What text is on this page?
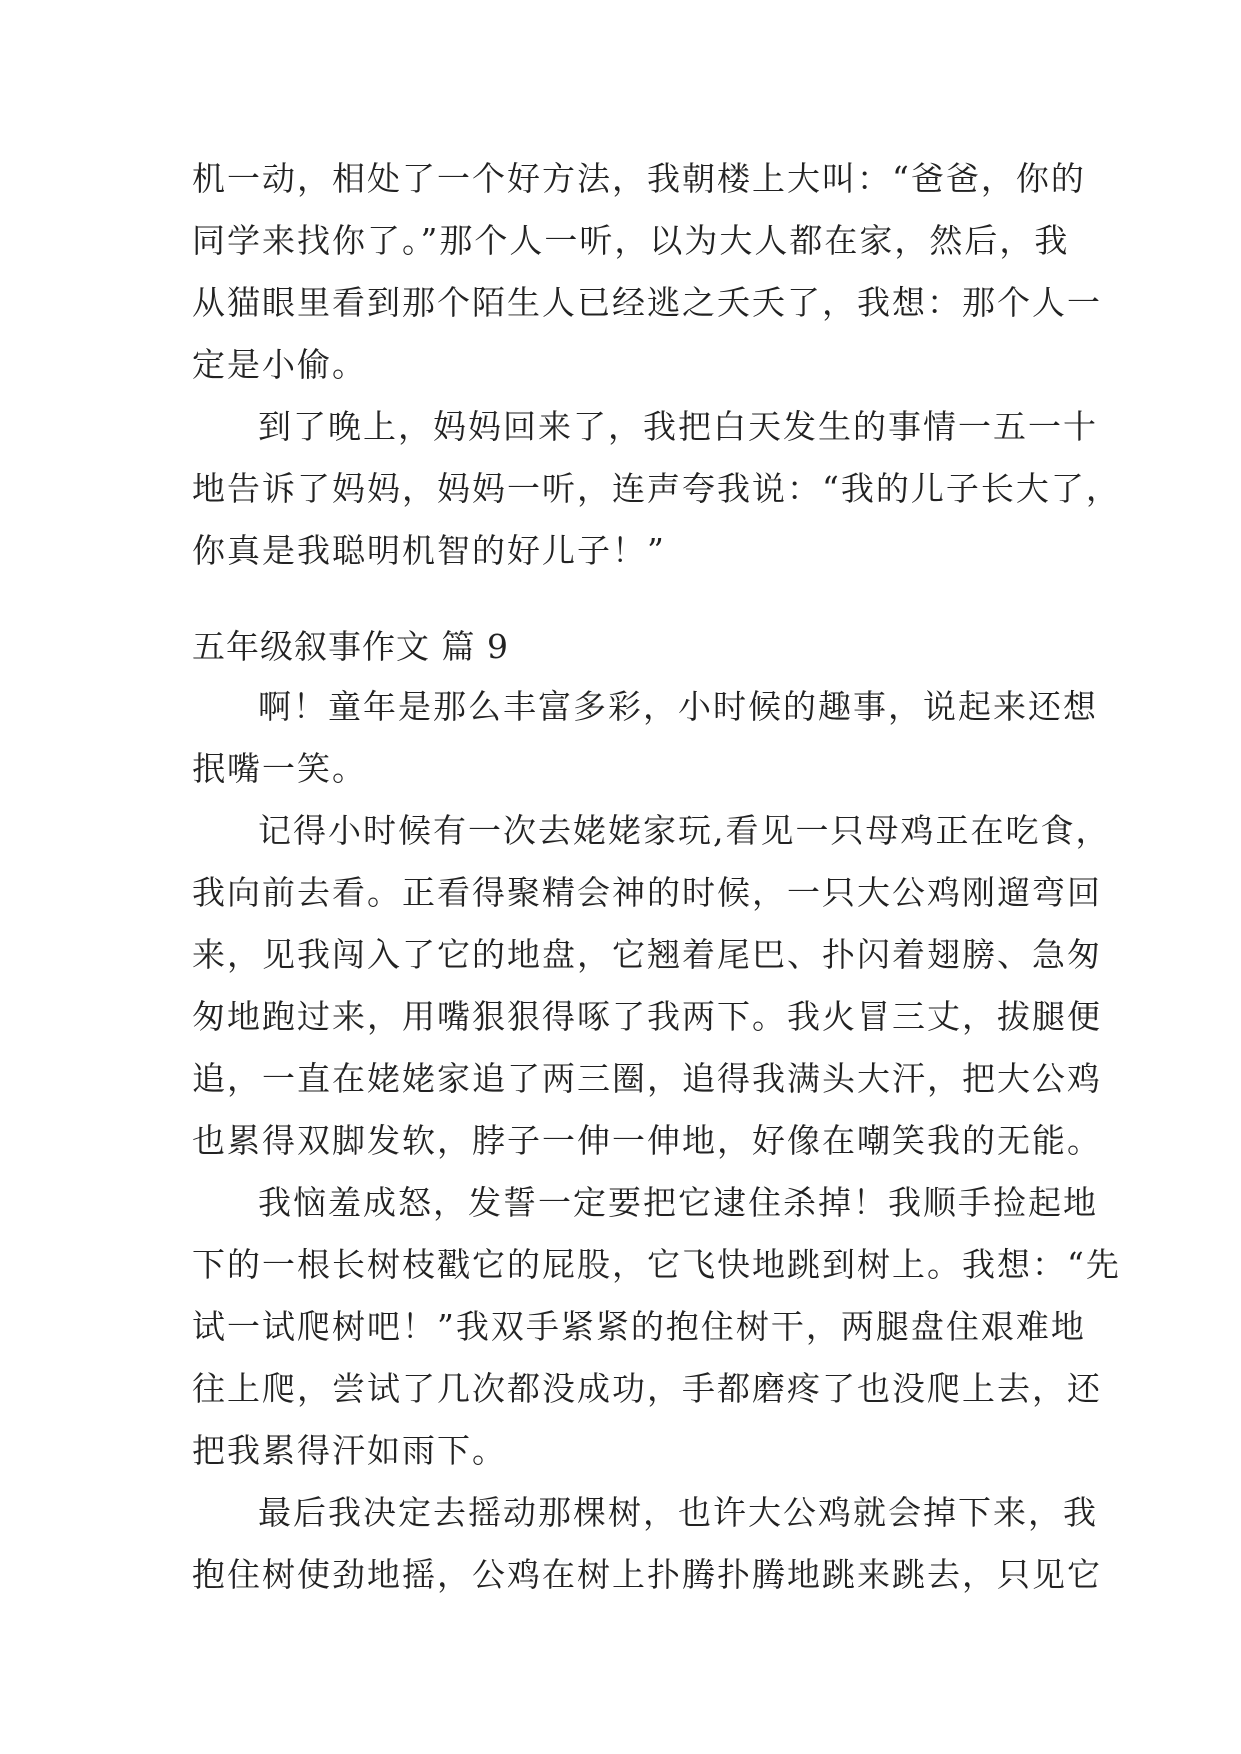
机一动，相处了一个好方法，我朝楼上大叫：“爸爸，你的
同学来找你了。”那个人一听，以为大人都在家，然后，我
从猫眼里看到那个陌生人已经逃之夭夭了，我想：那个人一
定是小偷。
到了晚上，妈妈回来了，我把白天发生的事情一五一十
地告诉了妈妈，妈妈一听，连声夸我说：“我的儿子长大了，
你真是我聪明机智的好儿子！”
五年级叙事作文 篇 9
啊！童年是那么丰富多彩，小时候的趣事，说起来还想
抿嘴一笑。
记得小时候有一次去姥姥家玩,看见一只母鸡正在吃食，
我向前去看。正看得聚精会神的时候，一只大公鸡刚遛弯回
来，见我闯入了它的地盘，它翘着尾巴、扑闪着翅膀、急匆
匆地跑过来，用嘴狠狠得啄了我两下。我火冒三丈，拔腿便
追，一直在姥姥家追了两三圈，追得我满头大汗，把大公鸡
也累得双脚发软，脖子一伸一伸地，好像在嘲笑我的无能。
我恼羞成怒，发誓一定要把它逮住杀掉！我顺手捡起地
下的一根长树枝戳它的屁股，它飞快地跳到树上。我想：“先
试一试爬树吧！”我双手紧紧的抱住树干，两腿盘住艰难地
往上爬，尝试了几次都没成功，手都磨疼了也没爬上去，还
把我累得汗如雨下。
最后我决定去摇动那棵树，也许大公鸡就会掉下来，我
抱住树使劲地摇，公鸡在树上扑腾扑腾地跳来跳去，只见它
